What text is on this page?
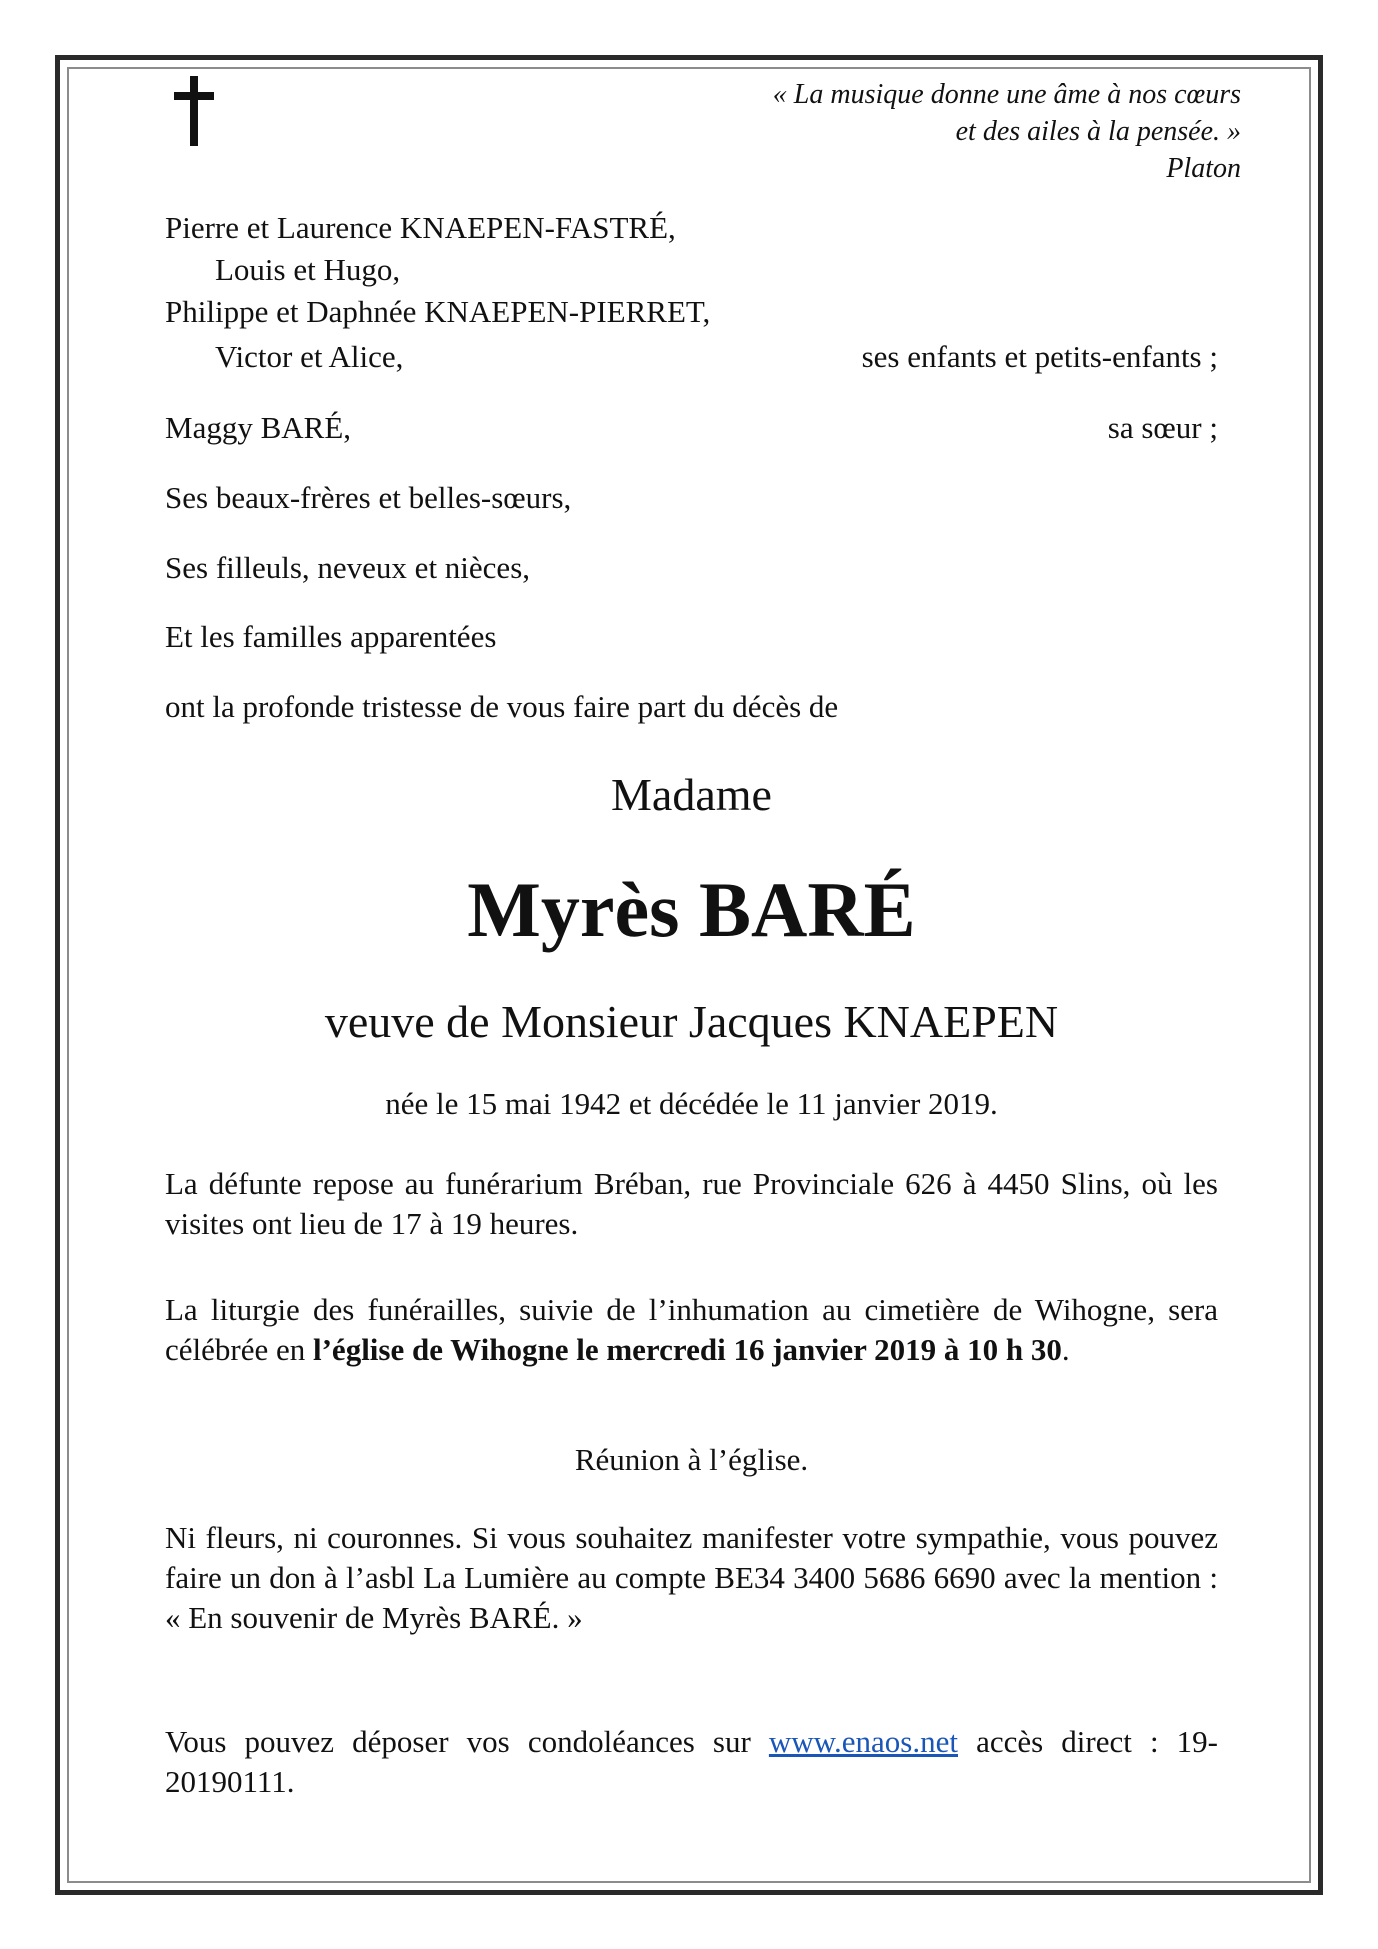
« La musique donne une âme à nos cœurs
et des ailes à la pensée. »
Platon
Pierre et Laurence KNAEPEN-FASTRÉ,
Louis et Hugo,
Philippe et Daphnée KNAEPEN-PIERRET,
Victor et Alice,	ses enfants et petits-enfants ;
Maggy BARÉ,	sa sœur ;
Ses beaux-frères et belles-sœurs,
Ses filleuls, neveux et nièces,
Et les familles apparentées
ont la profonde tristesse de vous faire part du décès de
Madame
Myrès BARÉ
veuve de Monsieur Jacques KNAEPEN
née le 15 mai 1942 et décédée le 11 janvier 2019.
La défunte repose au funérarium Bréban, rue Provinciale 626 à 4450 Slins, où les visites ont lieu de 17 à 19 heures.
La liturgie des funérailles, suivie de l’inhumation au cimetière de Wihogne, sera célébrée en l’église de Wihogne le mercredi 16 janvier 2019 à 10 h 30.
Réunion à l’église.
Ni fleurs, ni couronnes. Si vous souhaitez manifester votre sympathie, vous pouvez faire un don à l’asbl La Lumière au compte BE34 3400 5686 6690 avec la mention : « En souvenir de Myrès BARÉ. »
Vous pouvez déposer vos condoléances sur www.enaos.net accès direct : 19-20190111.
